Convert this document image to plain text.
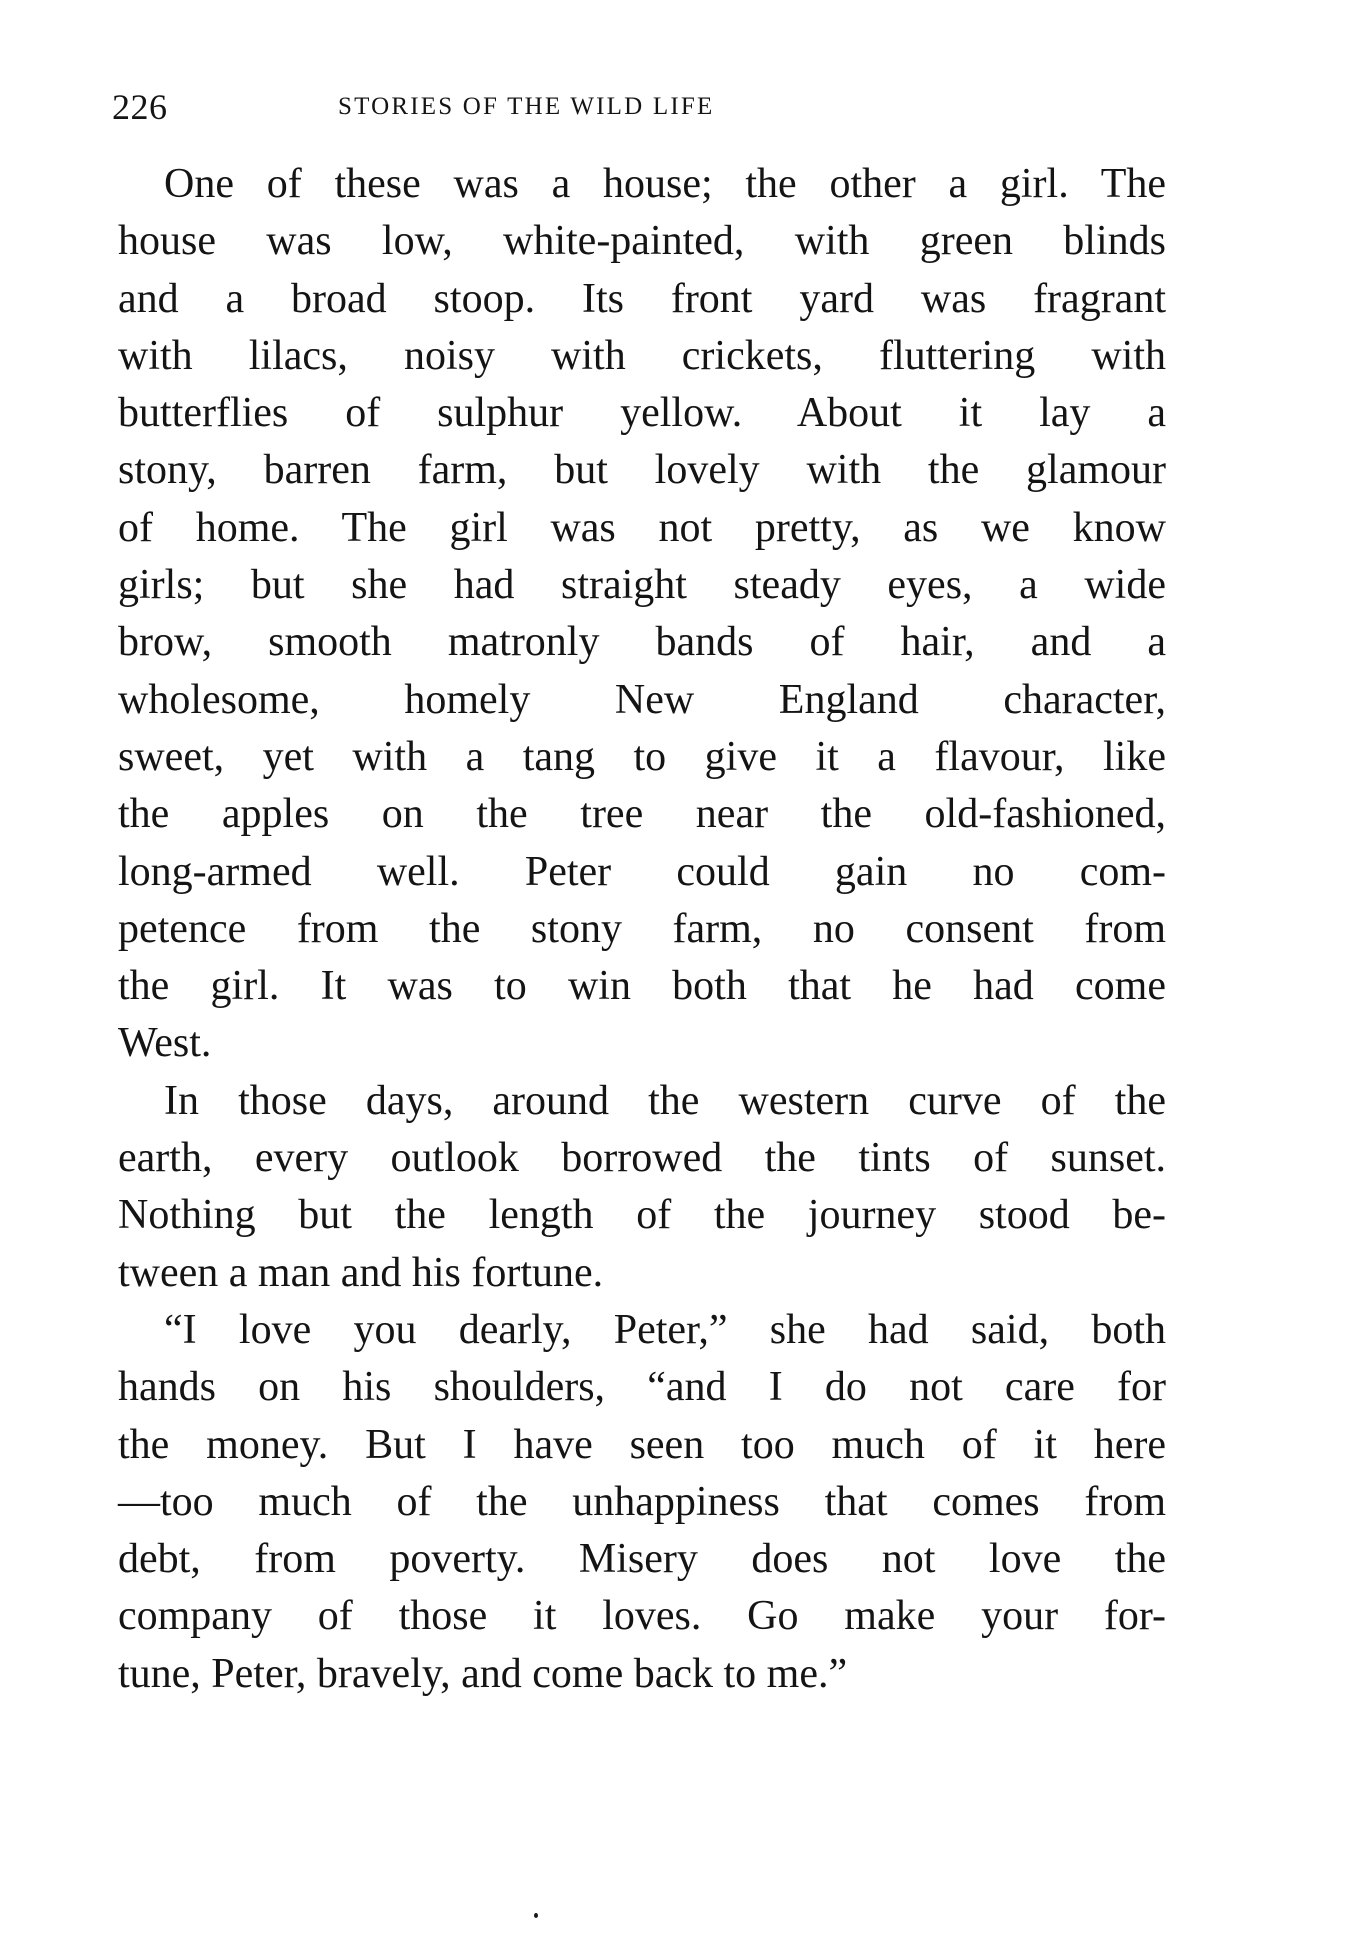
226	STORIES OF THE WILD LIFE
One of these was a house; the other a girl. The
house was low, white-painted, with green blinds
and a broad stoop. Its front yard was fragrant
with lilacs, noisy with crickets, fluttering with
butterflies of sulphur yellow. About it lay a
stony, barren farm, but lovely with the glamour
of home. The girl was not pretty, as we know
girls; but she had straight steady eyes, a wide
brow, smooth matronly bands of hair, and a
wholesome, homely New England character,
sweet, yet with a tang to give it a flavour, like
the apples on the tree near the old-fashioned,
long-armed well. Peter could gain no com-
petence from the stony farm, no consent from
the girl. It was to win both that he had come
West.
In those days, around the western curve of the
earth, every outlook borrowed the tints of sunset.
Nothing but the length of the journey stood be-
tween a man and his fortune.
“I love you dearly, Peter,” she had said, both
hands on his shoulders, “and I do not care for
the money. But I have seen too much of it here
—too much of the unhappiness that comes from
debt, from poverty. Misery does not love the
company of those it loves. Go make your for-
tune, Peter, bravely, and come back to me.”
